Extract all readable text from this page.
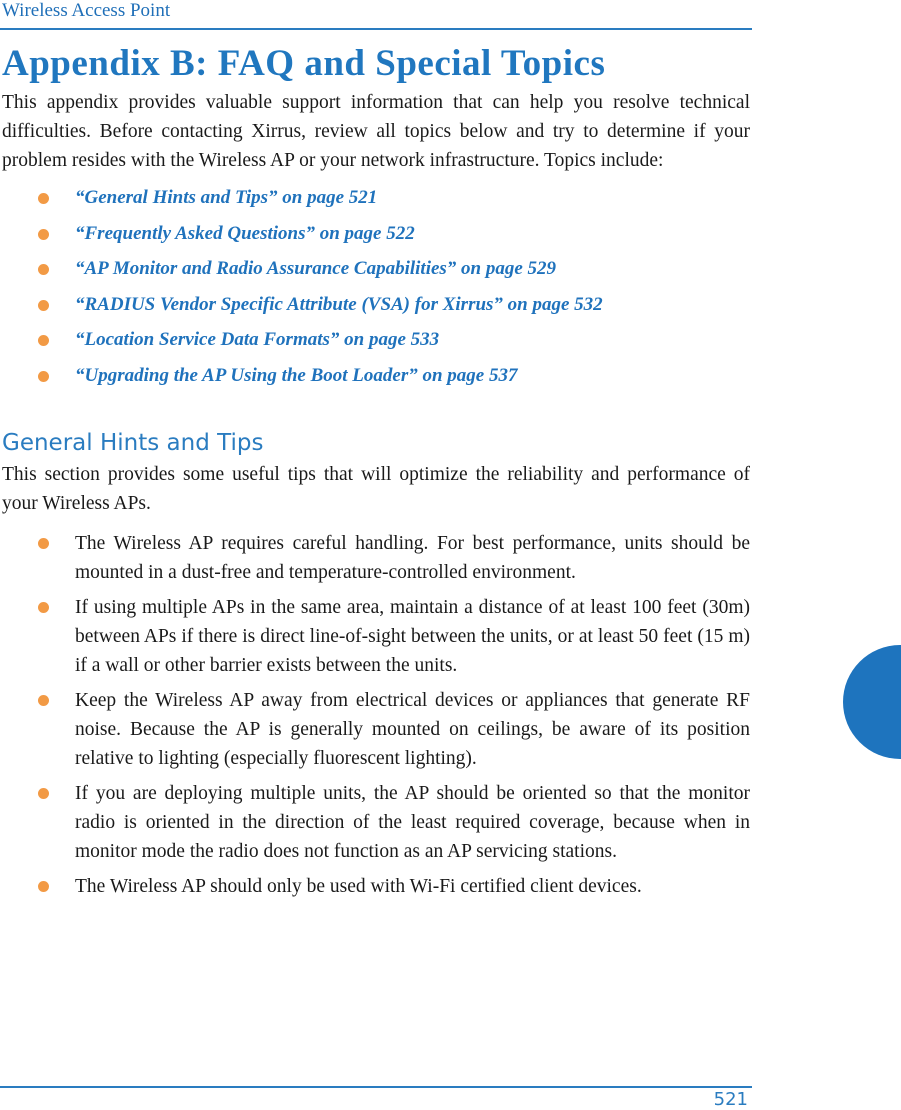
Wireless Access Point
Appendix B: FAQ and Special Topics

This appendix provides valuable support information that can help you resolve technical difficulties. Before contacting Xirrus, review all topics below and try to determine if your problem resides with the Wireless AP or your network infrastructure. Topics include:

“General Hints and Tips” on page 521
“Frequently Asked Questions” on page 522
“AP Monitor and Radio Assurance Capabilities” on page 529
“RADIUS Vendor Specific Attribute (VSA) for Xirrus” on page 532
“Location Service Data Formats” on page 533
“Upgrading the AP Using the Boot Loader” on page 537
General Hints and Tips

This section provides some useful tips that will optimize the reliability and performance of your Wireless APs.

The Wireless AP requires careful handling. For best performance, units should be mounted in a dust-free and temperature-controlled environment.
If using multiple APs in the same area, maintain a distance of at least 100 feet (30m) between APs if there is direct line-of-sight between the units, or at least 50 feet (15 m) if a wall or other barrier exists between the units.
Keep the Wireless AP away from electrical devices or appliances that generate RF noise. Because the AP is generally mounted on ceilings, be aware of its position relative to lighting (especially fluorescent lighting).
If you are deploying multiple units, the AP should be oriented so that the monitor radio is oriented in the direction of the least required coverage, because when in monitor mode the radio does not function as an AP servicing stations.
The Wireless AP should only be used with Wi-Fi certified client devices.
521
